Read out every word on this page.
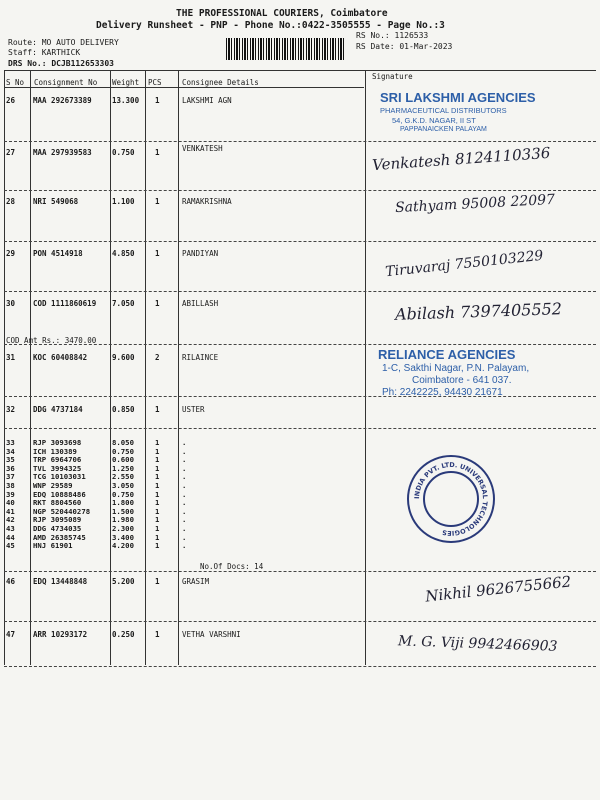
THE PROFESSIONAL COURIERS, Coimbatore
Delivery Runsheet - PNP - Phone No.:0422-3505555 - Page No.:3
Route: MO AUTO DELIVERY
Staff: KARTHICK
DRS No.: DCJB112653303
RS No.: 1126533
RS Date: 01-Mar-2023
S No Consignment No Weight PCS	Consignee Details
Signature
26 MAA 292673389	13.300 1	LAKSHMI AGN
27 MAA 297939583	0.750	1	VENKATESH
28 NRI 549068	1.100	1	RAMAKRISHNA
29 PON 4514918	4.850	1	PANDIYAN
30 COD 1111860619 7.050	1	ABILLASH
COD Amt Rs.: 3470.00
31 KOC 60408842	9.600	2	RILAINCE
32 DDG 4737184	0.850	1	USTER
33 RJP 3093698	8.050	1	.
34 ICH 130389	0.750	1	.
35 TRP 6964706	0.600	1	.
36 TVL 3994325	1.250	1	.
37 TCG 10103031	2.550	1	.
38 WNP 29589	3.050	1	.
39 EDQ 10888486	0.750	1	.
40 RKT 8804560	1.800	1	.
41 NGP 520440278	1.500	1	.
42 RJP 3095089	1.980	1	.
43 DDG 4734035	2.300	1	.
44 AMD 26385745	3.400	1	.
45 HNJ 61901	4.200	1	.
No.Of Docs: 14
46 EDQ 13448848	5.200	1	GRASIM
47 ARR 10293172	0.250	1	VETHA VARSHNI
SRI LAKSHMI AGENCIES
PHARMACEUTICAL DISTRIBUTORS
54, G.K.D. NAGAR, II ST
PAPPANAICKEN PALAYAM
RELIANCE AGENCIES
1-C, Sakthi Nagar, P.N. Palayam,
Coimbatore - 641 037.
Ph: 2242225, 94430 21671
INDIA PVT. LTD. UNIVERSAL TECHNOLOGIES
Venkatesh 8124110336
Sathyam 95008 22097
Tiruvaraj 7550103229
Abilash 7397405552
Nikhil 9626755662
M. G. Viji 9942466903
